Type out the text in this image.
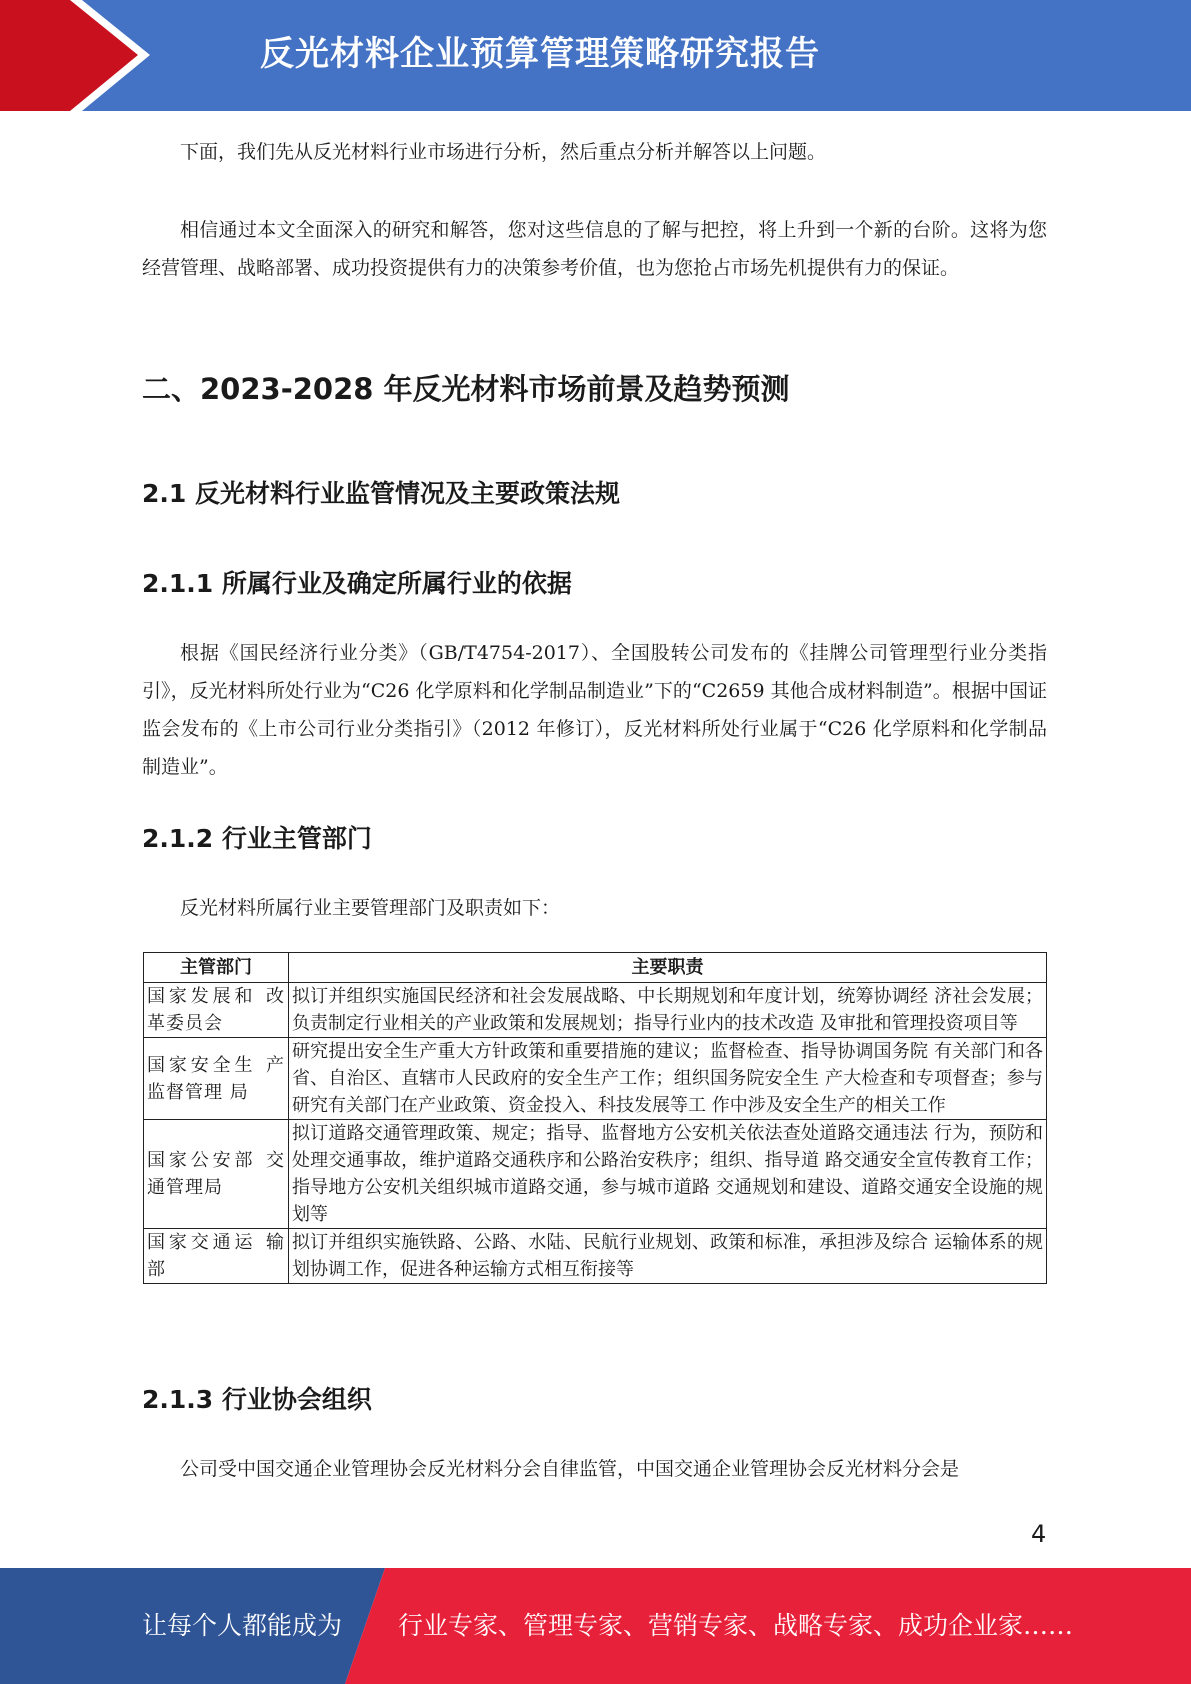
反光材料企业预算管理策略研究报告

下面，我们先从反光材料行业市场进行分析，然后重点分析并解答以上问题。

相信通过本文全面深入的研究和解答，您对这些信息的了解与把控，将上升到一个新的台阶。这将为您经营管理、战略部署、成功投资提供有力的决策参考价值，也为您抢占市场先机提供有力的保证。

二、2023-2028 年反光材料市场前景及趋势预测
2.1 反光材料行业监管情况及主要政策法规
2.1.1 所属行业及确定所属行业的依据

根据《国民经济行业分类》（GB/T4754-2017）、全国股转公司发布的《挂牌公司管理型行业分类指引》，反光材料所处行业为“C26 化学原料和化学制品制造业”下的“C2659 其他合成材料制造”。根据中国证监会发布的《上市公司行业分类指引》（2012 年修订），反光材料所处行业属于“C26 化学原料和化学制品制造业”。

2.1.2 行业主管部门

反光材料所属行业主要管理部门及职责如下：

主管部门	主要职责
国家发展和 改革委员会	拟订并组织实施国民经济和社会发展战略、中长期规划和年度计划，统筹协调经 济社会发展；负责制定行业相关的产业政策和发展规划；指导行业内的技术改造 及审批和管理投资项目等
国家安全生 产监督管理 局	研究提出安全生产重大方针政策和重要措施的建议；监督检查、指导协调国务院 有关部门和各省、自治区、直辖市人民政府的安全生产工作；组织国务院安全生 产大检查和专项督查；参与研究有关部门在产业政策、资金投入、科技发展等工 作中涉及安全生产的相关工作
国家公安部 交通管理局	拟订道路交通管理政策、规定；指导、监督地方公安机关依法查处道路交通违法 行为，预防和处理交通事故，维护道路交通秩序和公路治安秩序；组织、指导道 路交通安全宣传教育工作；指导地方公安机关组织城市道路交通，参与城市道路 交通规划和建设、道路交通安全设施的规划等
国家交通运 输部	拟订并组织实施铁路、公路、水陆、民航行业规划、政策和标准，承担涉及综合 运输体系的规划协调工作，促进各种运输方式相互衔接等
2.1.3 行业协会组织

公司受中国交通企业管理协会反光材料分会自律监管，中国交通企业管理协会反光材料分会是

4
让每个人都能成为 行业专家、管理专家、营销专家、战略专家、成功企业家……
